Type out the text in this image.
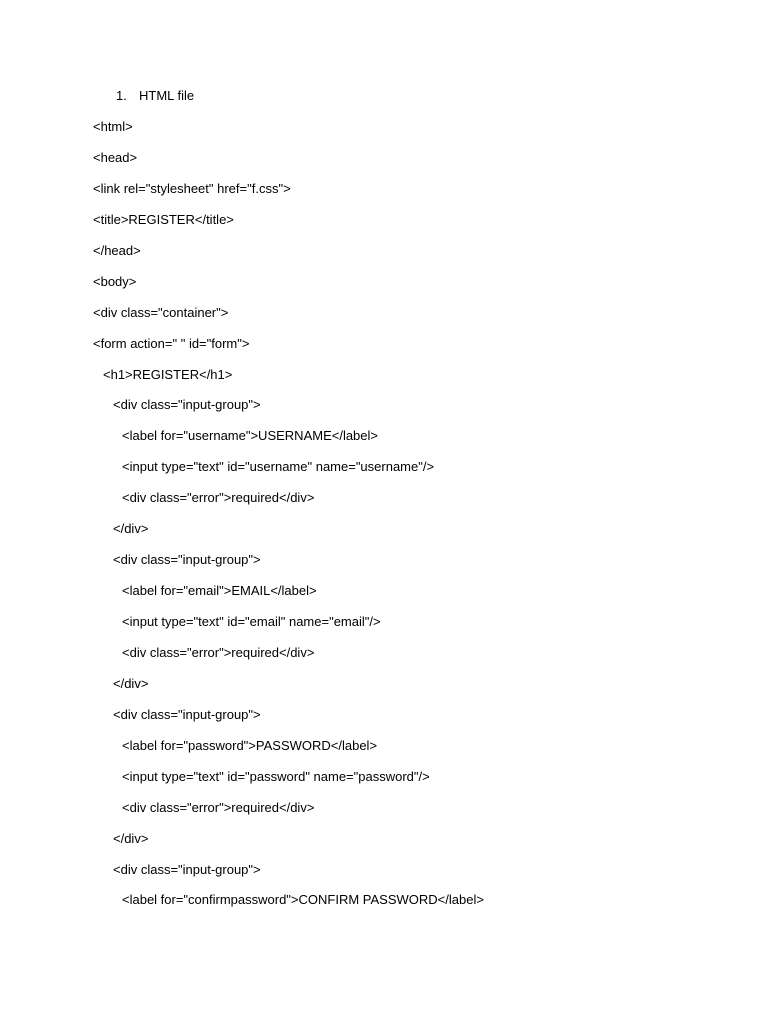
1. HTML file
<html>
<head>
<link rel="stylesheet" href="f.css">
<title>REGISTER</title>
</head>
<body>
<div class="container">
<form action=" " id="form">
<h1>REGISTER</h1>
<div class="input-group">
<label for="username">USERNAME</label>
<input type="text" id="username" name="username"/>
<div class="error">required</div>
</div>
<div class="input-group">
<label for="email">EMAIL</label>
<input type="text" id="email" name="email"/>
<div class="error">required</div>
</div>
<div class="input-group">
<label for="password">PASSWORD</label>
<input type="text" id="password" name="password"/>
<div class="error">required</div>
</div>
<div class="input-group">
<label for="confirmpassword">CONFIRM PASSWORD</label>
